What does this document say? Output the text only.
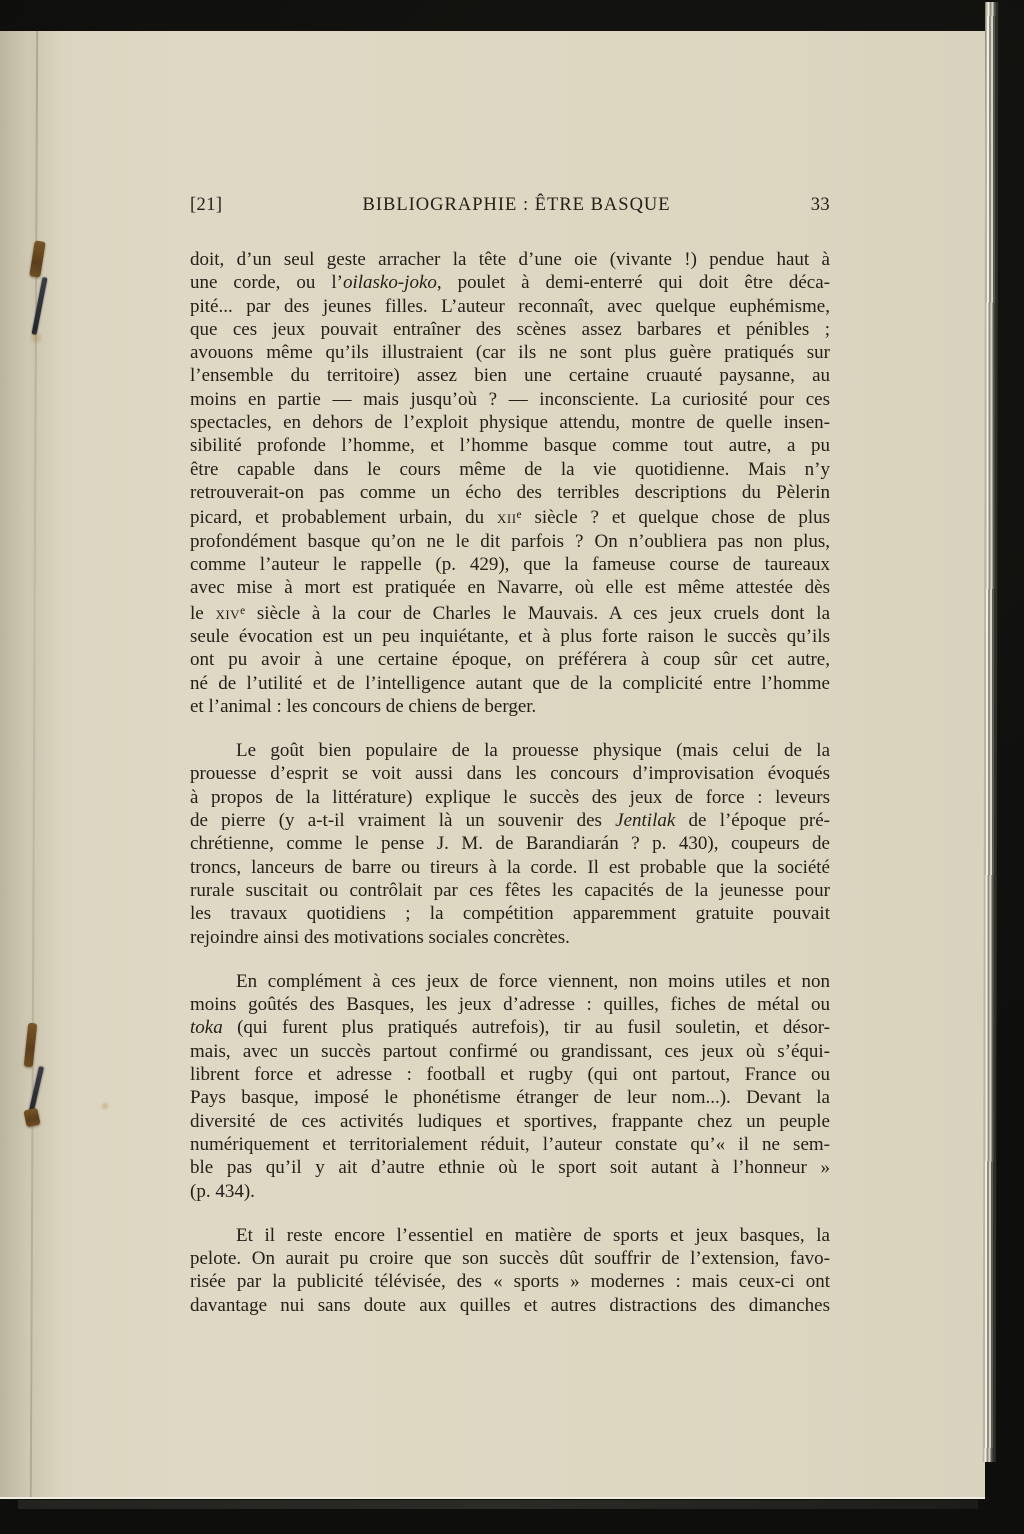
[21]	BIBLIOGRAPHIE : ÊTRE BASQUE	33
doit, d’un seul geste arracher la tête d’une oie (vivante !) pendue haut à
une corde, ou l’oilasko-joko, poulet à demi-enterré qui doit être déca-
pité... par des jeunes filles. L’auteur reconnaît, avec quelque euphémisme,
que ces jeux pouvait entraîner des scènes assez barbares et pénibles ;
avouons même qu’ils illustraient (car ils ne sont plus guère pratiqués sur
l’ensemble du territoire) assez bien une certaine cruauté paysanne, au
moins en partie — mais jusqu’où ? — inconsciente. La curiosité pour ces
spectacles, en dehors de l’exploit physique attendu, montre de quelle insen-
sibilité profonde l’homme, et l’homme basque comme tout autre, a pu
être capable dans le cours même de la vie quotidienne. Mais n’y
retrouverait-on pas comme un écho des terribles descriptions du Pèlerin
picard, et probablement urbain, du xii$^e$ siècle ? et quelque chose de plus
profondément basque qu’on ne le dit parfois ? On n’oubliera pas non plus,
comme l’auteur le rappelle (p. 429), que la fameuse course de taureaux
avec mise à mort est pratiquée en Navarre, où elle est même attestée dès
le xiv$^e$ siècle à la cour de Charles le Mauvais. A ces jeux cruels dont la
seule évocation est un peu inquiétante, et à plus forte raison le succès qu’ils
ont pu avoir à une certaine époque, on préférera à coup sûr cet autre,
né de l’utilité et de l’intelligence autant que de la complicité entre l’homme
et l’animal : les concours de chiens de berger.
Le goût bien populaire de la prouesse physique (mais celui de la
prouesse d’esprit se voit aussi dans les concours d’improvisation évoqués
à propos de la littérature) explique le succès des jeux de force : leveurs
de pierre (y a-t-il vraiment là un souvenir des Jentilak de l’époque pré-
chrétienne, comme le pense J. M. de Barandiarán ? p. 430), coupeurs de
troncs, lanceurs de barre ou tireurs à la corde. Il est probable que la société
rurale suscitait ou contrôlait par ces fêtes les capacités de la jeunesse pour
les travaux quotidiens ; la compétition apparemment gratuite pouvait
rejoindre ainsi des motivations sociales concrètes.
En complément à ces jeux de force viennent, non moins utiles et non
moins goûtés des Basques, les jeux d’adresse : quilles, fiches de métal ou
toka (qui furent plus pratiqués autrefois), tir au fusil souletin, et désor-
mais, avec un succès partout confirmé ou grandissant, ces jeux où s’équi-
librent force et adresse : football et rugby (qui ont partout, France ou
Pays basque, imposé le phonétisme étranger de leur nom...). Devant la
diversité de ces activités ludiques et sportives, frappante chez un peuple
numériquement et territorialement réduit, l’auteur constate qu’« il ne sem-
ble pas qu’il y ait d’autre ethnie où le sport soit autant à l’honneur »
(p. 434).
Et il reste encore l’essentiel en matière de sports et jeux basques, la
pelote. On aurait pu croire que son succès dût souffrir de l’extension, favo-
risée par la publicité télévisée, des « sports » modernes : mais ceux-ci ont
davantage nui sans doute aux quilles et autres distractions des dimanches
